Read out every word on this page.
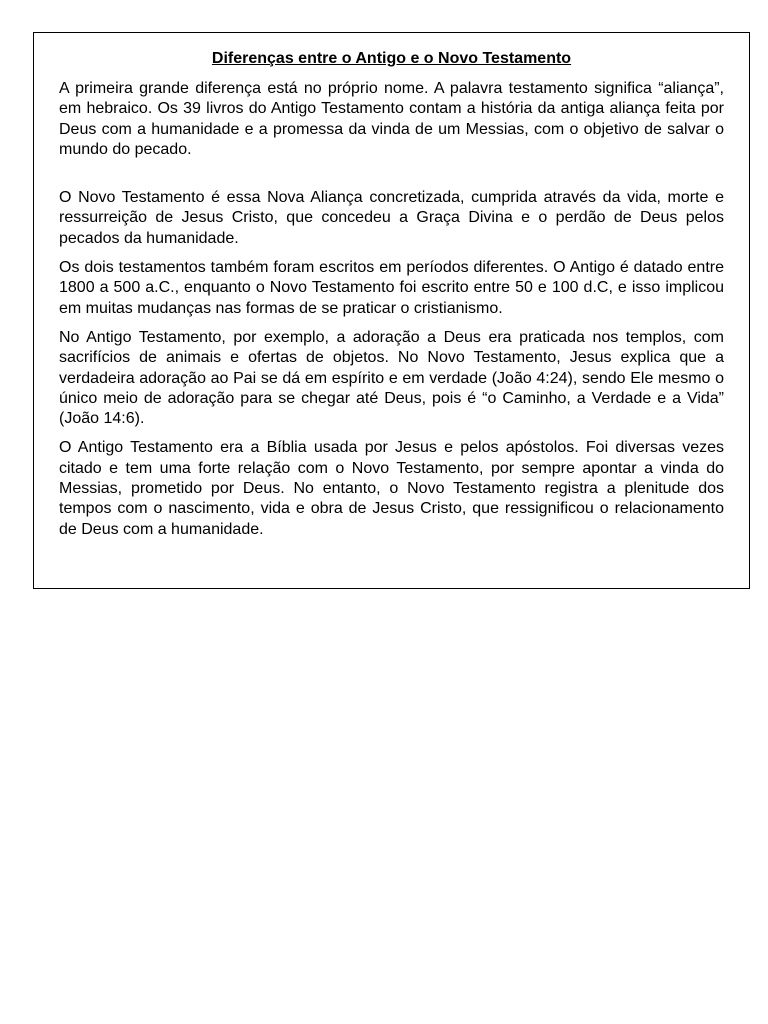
Diferenças entre o Antigo e o Novo Testamento

A primeira grande diferença está no próprio nome. A palavra testamento significa “aliança”, em hebraico. Os 39 livros do Antigo Testamento contam a história da antiga aliança feita por Deus com a humanidade e a promessa da vinda de um Messias, com o objetivo de salvar o mundo do pecado.

O Novo Testamento é essa Nova Aliança concretizada, cumprida através da vida, morte e ressurreição de Jesus Cristo, que concedeu a Graça Divina e o perdão de Deus pelos pecados da humanidade.

Os dois testamentos também foram escritos em períodos diferentes. O Antigo é datado entre 1800 a 500 a.C., enquanto o Novo Testamento foi escrito entre 50 e 100 d.C, e isso implicou em muitas mudanças nas formas de se praticar o cristianismo.

No Antigo Testamento, por exemplo, a adoração a Deus era praticada nos templos, com sacrifícios de animais e ofertas de objetos. No Novo Testamento, Jesus explica que a verdadeira adoração ao Pai se dá em espírito e em verdade (João 4:24), sendo Ele mesmo o único meio de adoração para se chegar até Deus, pois é “o Caminho, a Verdade e a Vida” (João 14:6).

O Antigo Testamento era a Bíblia usada por Jesus e pelos apóstolos. Foi diversas vezes citado e tem uma forte relação com o Novo Testamento, por sempre apontar a vinda do Messias, prometido por Deus. No entanto, o Novo Testamento registra a plenitude dos tempos com o nascimento, vida e obra de Jesus Cristo, que ressignificou o relacionamento de Deus com a humanidade.
